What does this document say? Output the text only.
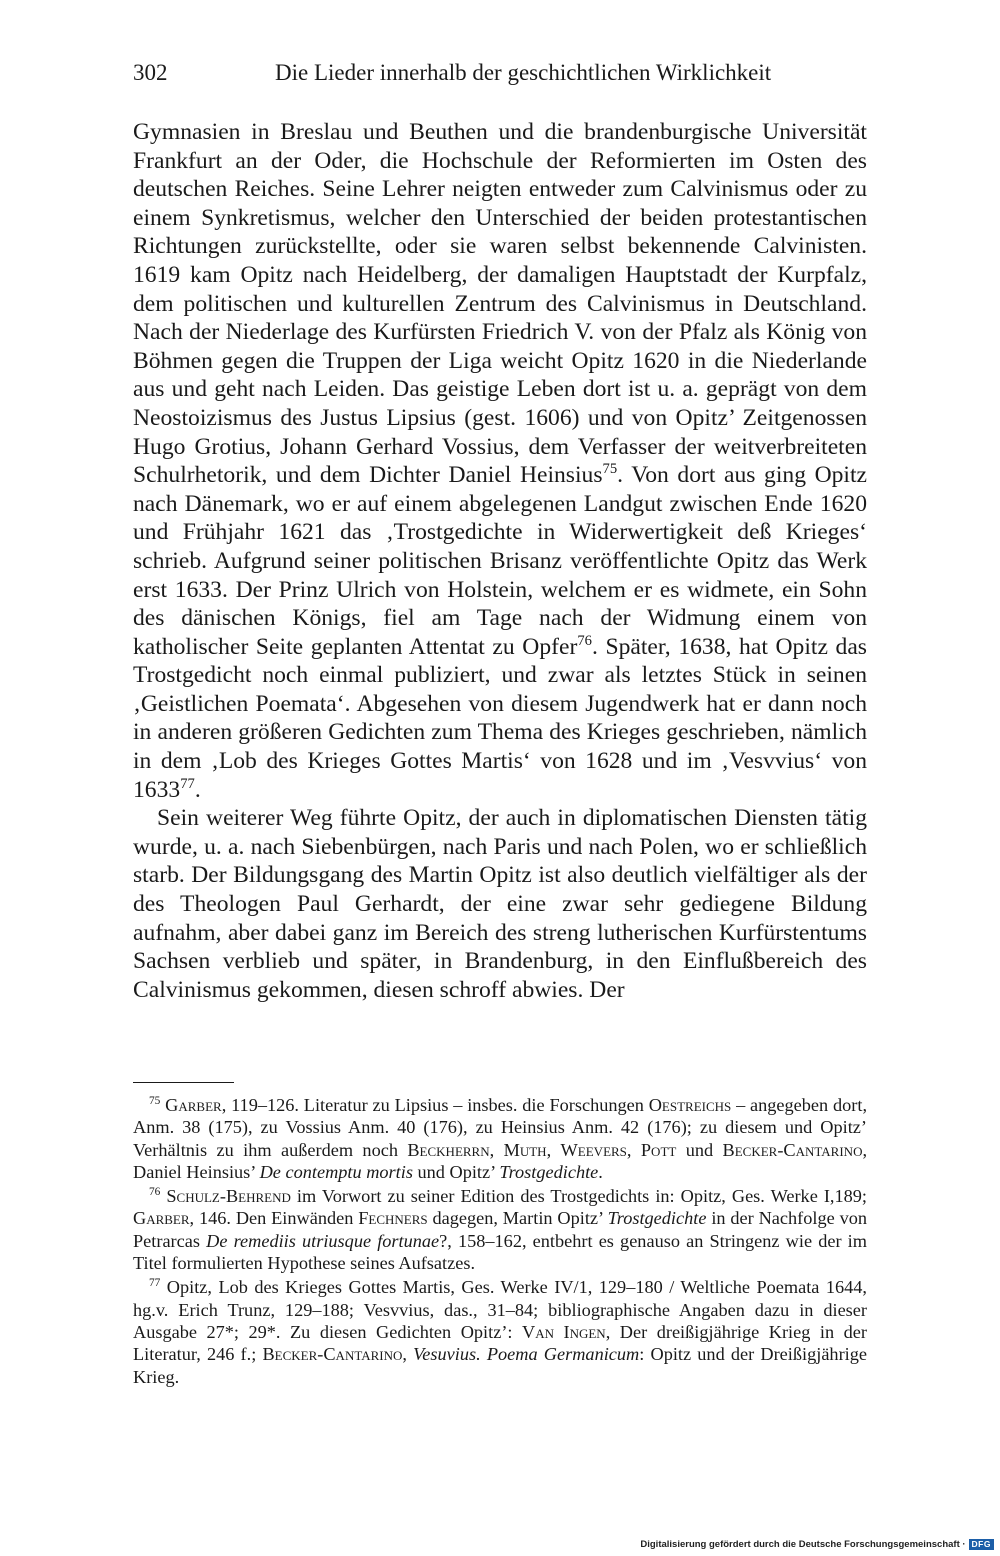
302	Die Lieder innerhalb der geschichtlichen Wirklichkeit

Gymnasien in Breslau und Beuthen und die brandenburgische Universität Frankfurt an der Oder, die Hochschule der Reformierten im Osten des deutschen Reiches. Seine Lehrer neigten entweder zum Calvinismus oder zu einem Synkretismus, welcher den Unterschied der beiden protestantischen Richtungen zurückstellte, oder sie waren selbst bekennende Calvinisten. 1619 kam Opitz nach Heidelberg, der damaligen Hauptstadt der Kurpfalz, dem politischen und kulturellen Zentrum des Calvinismus in Deutschland. Nach der Niederlage des Kurfürsten Friedrich V. von der Pfalz als König von Böhmen gegen die Truppen der Liga weicht Opitz 1620 in die Niederlande aus und geht nach Leiden. Das geistige Leben dort ist u. a. geprägt von dem Neostoizismus des Justus Lipsius (gest. 1606) und von Opitz’ Zeitgenossen Hugo Grotius, Johann Gerhard Vossius, dem Verfasser der weitverbreiteten Schulrhetorik, und dem Dichter Daniel Heinsius$^{75}$. Von dort aus ging Opitz nach Dänemark, wo er auf einem abgelegenen Landgut zwischen Ende 1620 und Frühjahr 1621 das ‚Trostgedichte in Widerwertigkeit deß Krieges‘ schrieb. Aufgrund seiner politischen Brisanz veröffentlichte Opitz das Werk erst 1633. Der Prinz Ulrich von Holstein, welchem er es widmete, ein Sohn des dänischen Königs, fiel am Tage nach der Widmung einem von katholischer Seite geplanten Attentat zu Opfer$^{76}$. Später, 1638, hat Opitz das Trostgedicht noch einmal publiziert, und zwar als letztes Stück in seinen ‚Geistlichen Poemata‘. Abgesehen von diesem Jugendwerk hat er dann noch in anderen größeren Gedichten zum Thema des Krieges geschrieben, nämlich in dem ‚Lob des Krieges Gottes Martis‘ von 1628 und im ‚Vesvvius‘ von 1633$^{77}$.

Sein weiterer Weg führte Opitz, der auch in diplomatischen Diensten tätig wurde, u. a. nach Siebenbürgen, nach Paris und nach Polen, wo er schließlich starb. Der Bildungsgang des Martin Opitz ist also deutlich vielfältiger als der des Theologen Paul Gerhardt, der eine zwar sehr gediegene Bildung aufnahm, aber dabei ganz im Bereich des streng lutherischen Kurfürstentums Sachsen verblieb und später, in Brandenburg, in den Einflußbereich des Calvinismus gekommen, diesen schroff abwies. Der

$^{75}$ Garber, 119–126. Literatur zu Lipsius – insbes. die Forschungen Oestreichs – angegeben dort, Anm. 38 (175), zu Vossius Anm. 40 (176), zu Heinsius Anm. 42 (176); zu diesem und Opitz’ Verhältnis zu ihm außerdem noch Beckherrn, Muth, Weevers, Pott und Becker-Cantarino, Daniel Heinsius’ De contemptu mortis und Opitz’ Trostgedichte.

$^{76}$ Schulz-Behrend im Vorwort zu seiner Edition des Trostgedichts in: Opitz, Ges. Werke I,189; Garber, 146. Den Einwänden Fechners dagegen, Martin Opitz’ Trostgedichte in der Nachfolge von Petrarcas De remediis utriusque fortunae?, 158–162, entbehrt es genauso an Stringenz wie der im Titel formulierten Hypothese seines Aufsatzes.

$^{77}$ Opitz, Lob des Krieges Gottes Martis, Ges. Werke IV/1, 129–180 / Weltliche Poemata 1644, hg.v. Erich Trunz, 129–188; Vesvvius, das., 31–84; bibliographische Angaben dazu in dieser Ausgabe 27*; 29*. Zu diesen Gedichten Opitz’: Van Ingen, Der dreißigjährige Krieg in der Literatur, 246 f.; Becker-Cantarino, Vesuvius. Poema Germanicum: Opitz und der Dreißigjährige Krieg.

Digitalisierung gefördert durch die Deutsche Forschungsgemeinschaft · DFG
